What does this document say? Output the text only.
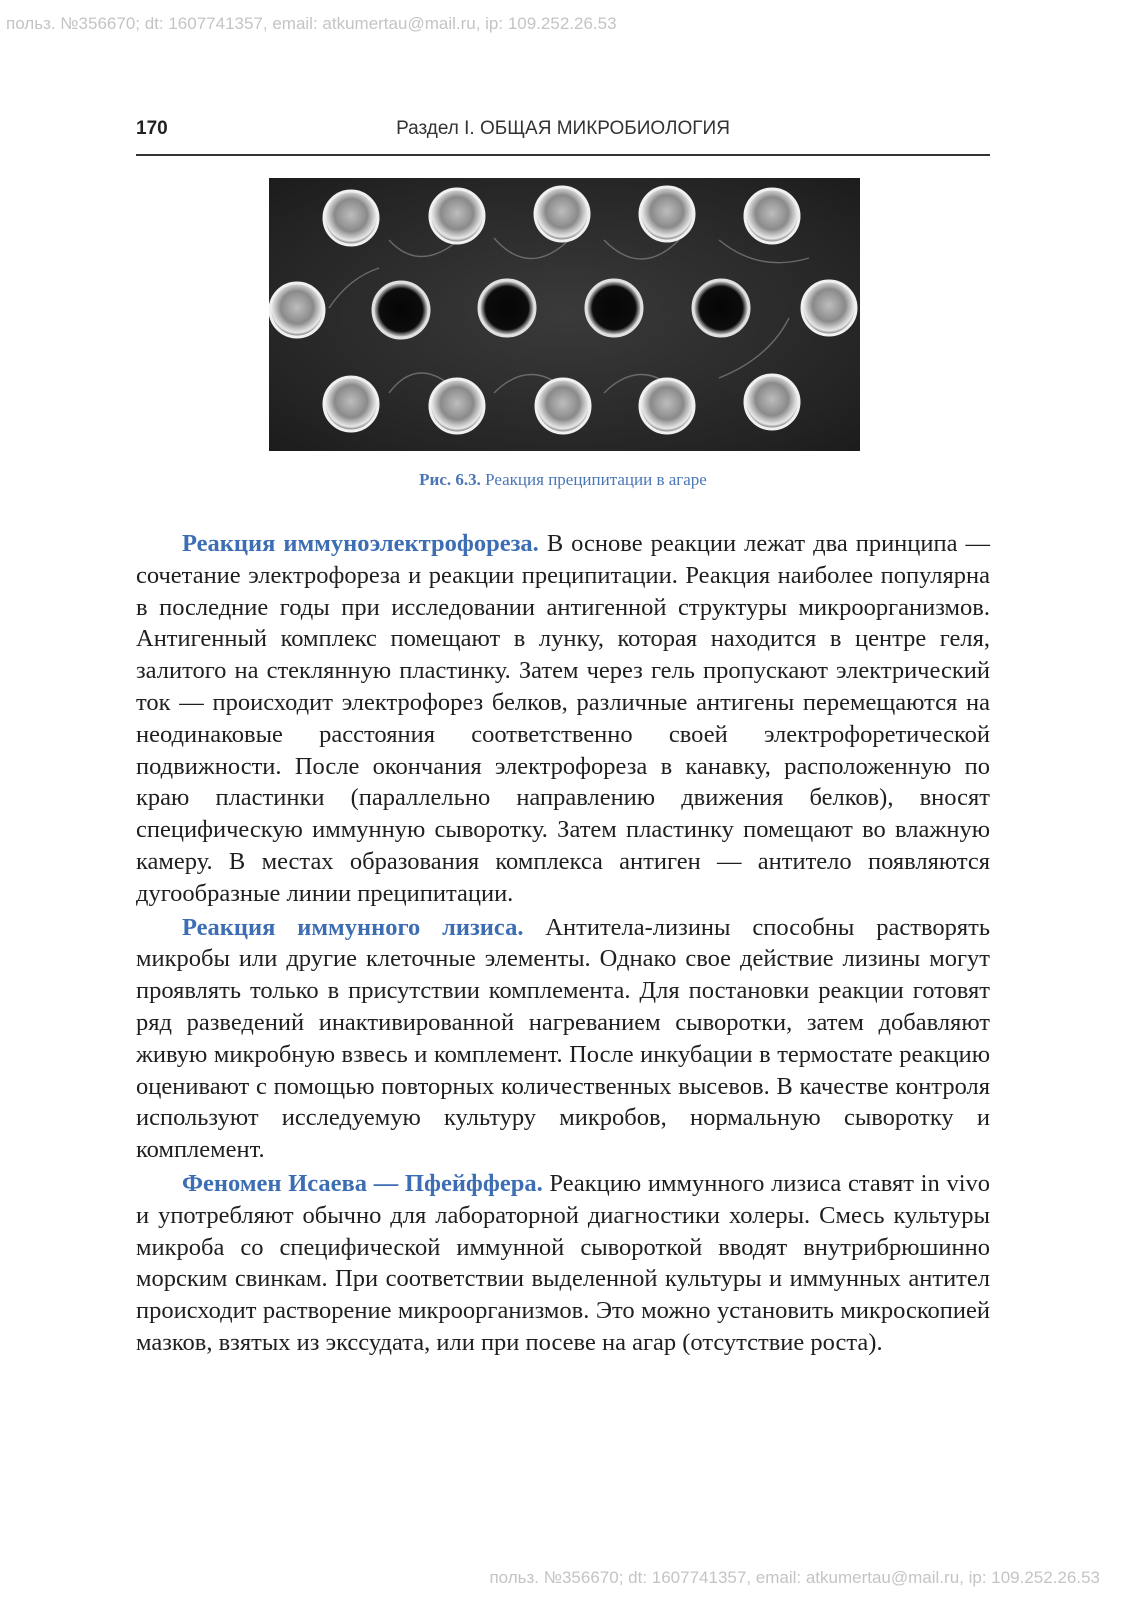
польз. №356670; dt: 1607741357, email: atkumertau@mail.ru, ip: 109.252.26.53
170	Раздел I. ОБЩАЯ МИКРОБИОЛОГИЯ
Рис. 6.3. Реакция преципитации в агаре

Реакция иммуноэлектрофореза. В основе реакции лежат два принципа — сочетание электрофореза и реакции преципитации. Реакция наиболее популярна в последние годы при исследовании антигенной структуры микроорганизмов. Антигенный комплекс помещают в лунку, которая находится в центре геля, залитого на стеклянную пластинку. Затем через гель пропускают электрический ток — происходит электрофорез белков, различные антигены перемещаются на неодинаковые расстояния соответственно своей электрофоретической подвижности. После окончания электрофореза в канавку, расположенную по краю пластинки (параллельно направлению движения белков), вносят специфическую иммунную сыворотку. Затем пластинку помещают во влажную камеру. В местах образования комплекса антиген — антитело появляются дугообразные линии преципитации.

Реакция иммунного лизиса. Антитела-лизины способны растворять микробы или другие клеточные элементы. Однако свое действие лизины могут проявлять только в присутствии комплемента. Для постановки реакции готовят ряд разведений инактивированной нагреванием сыворотки, затем добавляют живую микробную взвесь и комплемент. После инкубации в термостате реакцию оценивают с помощью повторных количественных высевов. В качестве контроля используют исследуемую культуру микробов, нормальную сыворотку и комплемент.

Феномен Исаева — Пфейффера. Реакцию иммунного лизиса ставят in vivo и употребляют обычно для лабораторной диагностики холеры. Смесь культуры микроба со специфической иммунной сывороткой вводят внутрибрюшинно морским свинкам. При соответствии выделенной культуры и иммунных антител происходит растворение микроорганизмов. Это можно установить микроскопией мазков, взятых из экссудата, или при посеве на агар (отсутствие роста).

польз. №356670; dt: 1607741357, email: atkumertau@mail.ru, ip: 109.252.26.53
